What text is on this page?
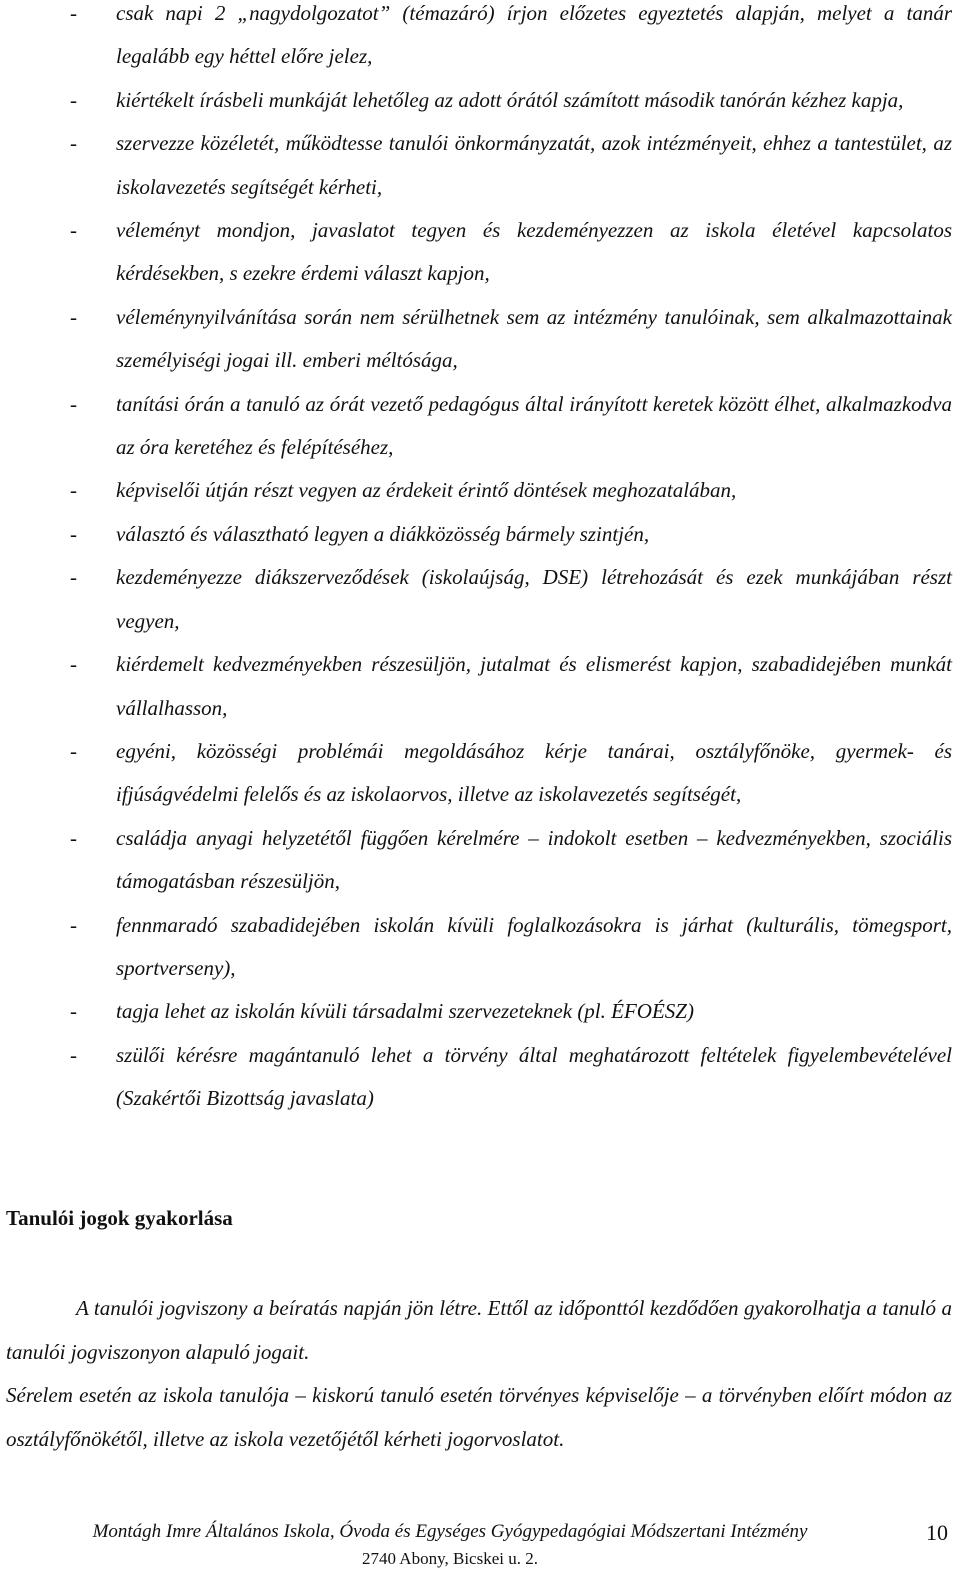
- csak napi 2 „nagydolgozatot” (témazáró) írjon előzetes egyeztetés alapján, melyet a tanár legalább egy héttel előre jelez,
- kiértékelt írásbeli munkáját lehetőleg az adott órától számított második tanórán kézhez kapja,
- szervezze közéletét, működtesse tanulói önkormányzatát, azok intézményeit, ehhez a tantestület, az iskolavezetés segítségét kérheti,
- véleményt mondjon, javaslatot tegyen és kezdeményezzen az iskola életével kapcsolatos kérdésekben, s ezekre érdemi választ kapjon,
- véleménynyilvánítása során nem sérülhetnek sem az intézmény tanulóinak, sem alkalmazottainak személyiségi jogai ill. emberi méltósága,
- tanítási órán a tanuló az órát vezető pedagógus által irányított keretek között élhet, alkalmazkodva az óra keretéhez és felépítéséhez,
- képviselői útján részt vegyen az érdekeit érintő döntések meghozatalában,
- választó és választható legyen a diákközösség bármely szintjén,
- kezdeményezze diákszerveződések (iskolaújság, DSE) létrehozását és ezek munkájában részt vegyen,
- kiérdemelt kedvezményekben részesüljön, jutalmat és elismerést kapjon, szabadidejében munkát vállalhasson,
- egyéni, közösségi problémái megoldásához kérje tanárai, osztályfőnöke, gyermek- és ifjúságvédelmi felelős és az iskolaorvos, illetve az iskolavezetés segítségét,
- családja anyagi helyzetétől függően kérelmére – indokolt esetben – kedvezményekben, szociális támogatásban részesüljön,
- fennmaradó szabadidejében iskolán kívüli foglalkozásokra is járhat (kulturális, tömegsport, sportverseny),
- tagja lehet az iskolán kívüli társadalmi szervezeteknek (pl. ÉFOÉSZ)
- szülői kérésre magántanuló lehet a törvény által meghatározott feltételek figyelembevételével (Szakértői Bizottság javaslata)
Tanulói jogok gyakorlása

A tanulói jogviszony a beíratás napján jön létre. Ettől az időponttól kezdődően gyakorolhatja a tanuló a tanulói jogviszonyon alapuló jogait.

Sérelem esetén az iskola tanulója – kiskorú tanuló esetén törvényes képviselője – a törvényben előírt módon az osztályfőnökétől, illetve az iskola vezetőjétől kérheti jogorvoslatot.

Montágh Imre Általános Iskola, Óvoda és Egységes Gyógypedagógiai Módszertani Intézmény
2740 Abony, Bicskei u. 2.
10
